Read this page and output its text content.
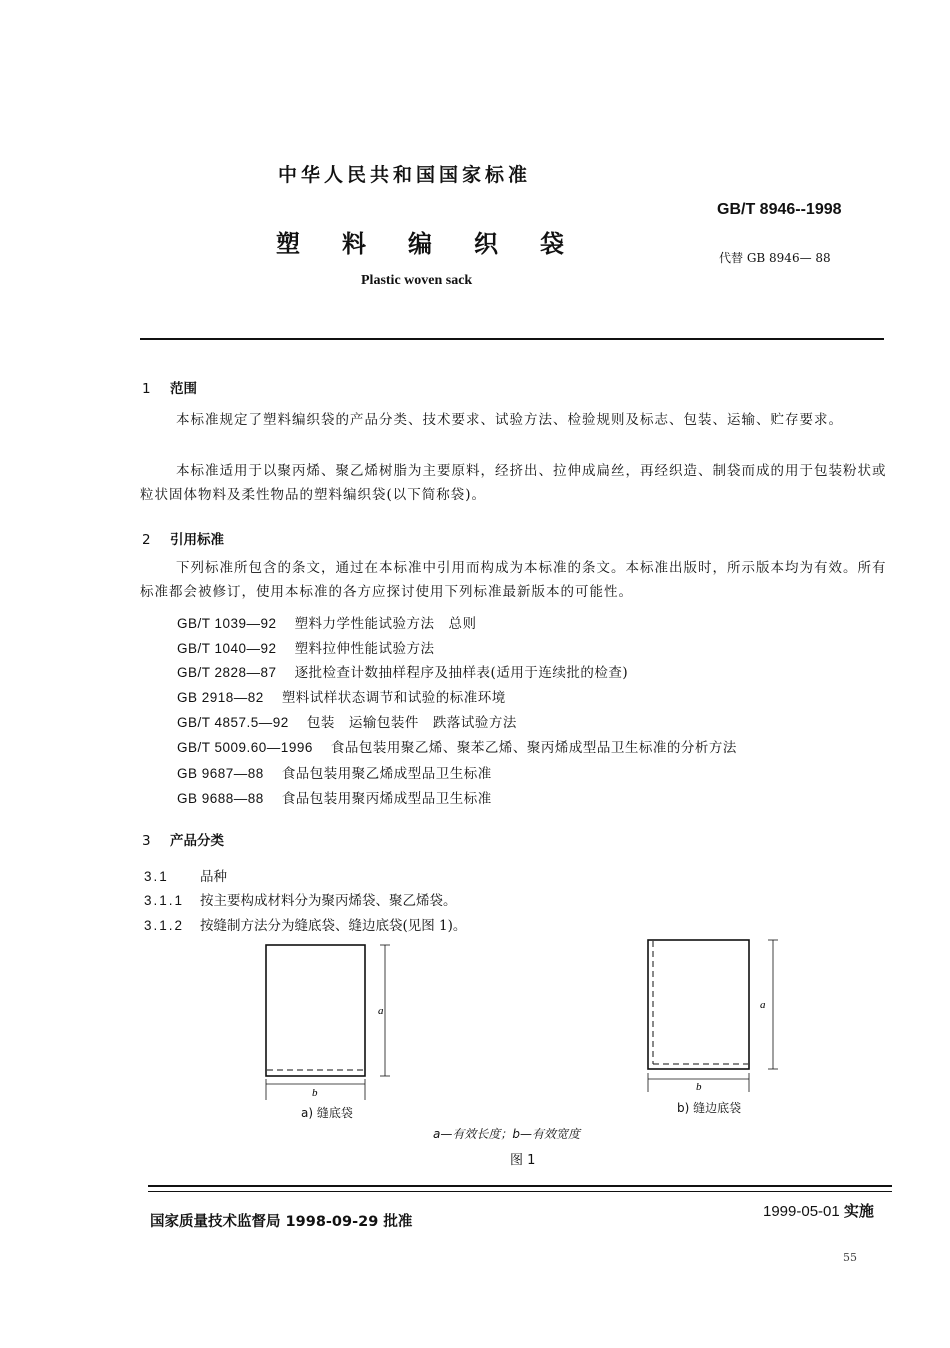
中华人民共和国国家标准
GB/T 8946--1998
塑料编织袋	代替 GB 8946— 88
Plastic woven sack
1 范围
本标准规定了塑料编织袋的产品分类、技术要求、试验方法、检验规则及标志、包装、运输、贮存要求。
本标准适用于以聚丙烯、聚乙烯树脂为主要原料，经挤出、拉伸成扁丝，再经织造、制袋而成的用于包装粉状或粒状固体物料及柔性物品的塑料编织袋(以下简称袋)。
2 引用标准
下列标准所包含的条文，通过在本标准中引用而构成为本标准的条文。本标准出版时，所示版本均为有效。所有标准都会被修订，使用本标准的各方应探讨使用下列标准最新版本的可能性。
GB/T 1039—92 塑料力学性能试验方法　总则
GB/T 1040—92 塑料拉伸性能试验方法
GB/T 2828—87 逐批检查计数抽样程序及抽样表(适用于连续批的检查)
GB 2918—82 塑料试样状态调节和试验的标准环境
GB/T 4857.5—92 包装　运输包装件　跌落试验方法
GB/T 5009.60—1996 食品包装用聚乙烯、聚苯乙烯、聚丙烯成型品卫生标准的分析方法
GB 9687—88 食品包装用聚乙烯成型品卫生标准
GB 9688—88 食品包装用聚丙烯成型品卫生标准
3 产品分类
3.1 品种
3.1.1 按主要构成材料分为聚丙烯袋、聚乙烯袋。
3.1.2 按缝制方法分为缝底袋、缝边底袋(见图 1)。
a
b
a
b
a) 缝底袋	b) 缝边底袋
a—有效长度；b—有效宽度
图 1
国家质量技术监督局 1998-09-29 批准
1999-05-01 实施
55
